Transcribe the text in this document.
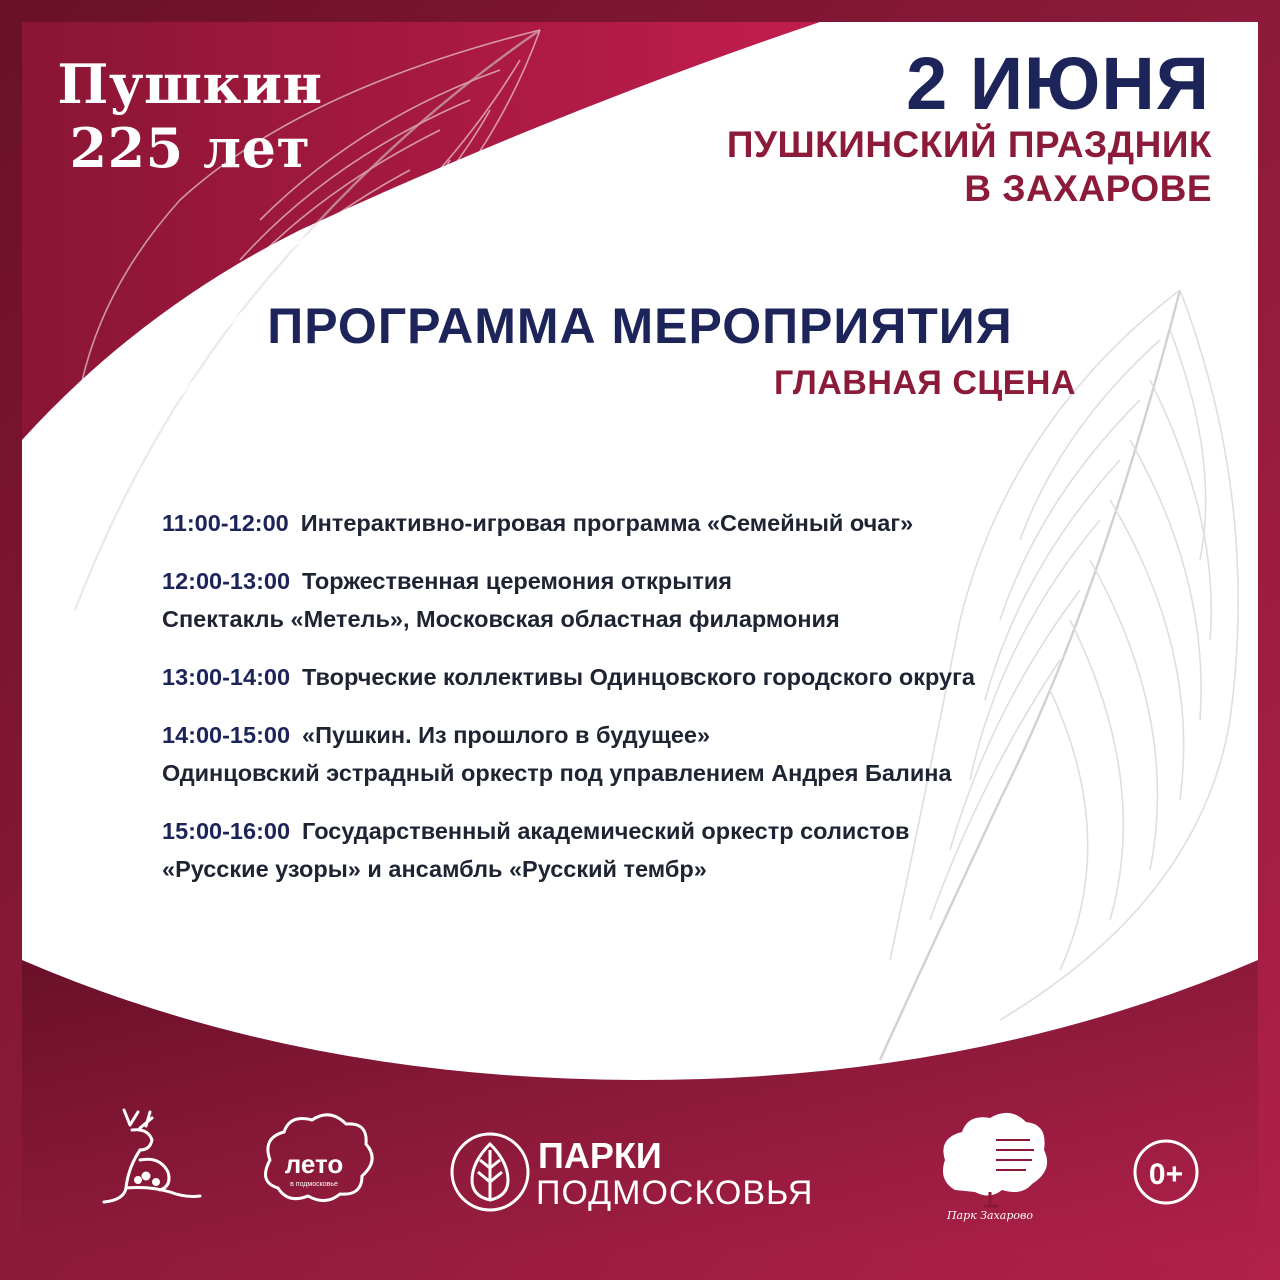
Пушкин
225 лет
2 ИЮНЯ
ПУШКИНСКИЙ ПРАЗДНИК
В ЗАХАРОВЕ
ПРОГРАММА МЕРОПРИЯТИЯ
ГЛАВНАЯ СЦЕНА

11:00-12:00 Интерактивно-игровая программа «Семейный очаг»

12:00-13:00 Торжественная церемония открытия

Спектакль «Метель», Московская областная филармония

13:00-14:00 Творческие коллективы Одинцовского городского округа

14:00-15:00 «Пушкин. Из прошлого в будущее»

Одинцовский эстрадный оркестр под управлением Андрея Балина

15:00-16:00 Государственный академический оркестр солистов

«Русские узоры» и ансамбль «Русский тембр»

лето
в подмосковье
ПАРКИ
ПОДМОСКОВЬЯ
Парк Захарово
0+
